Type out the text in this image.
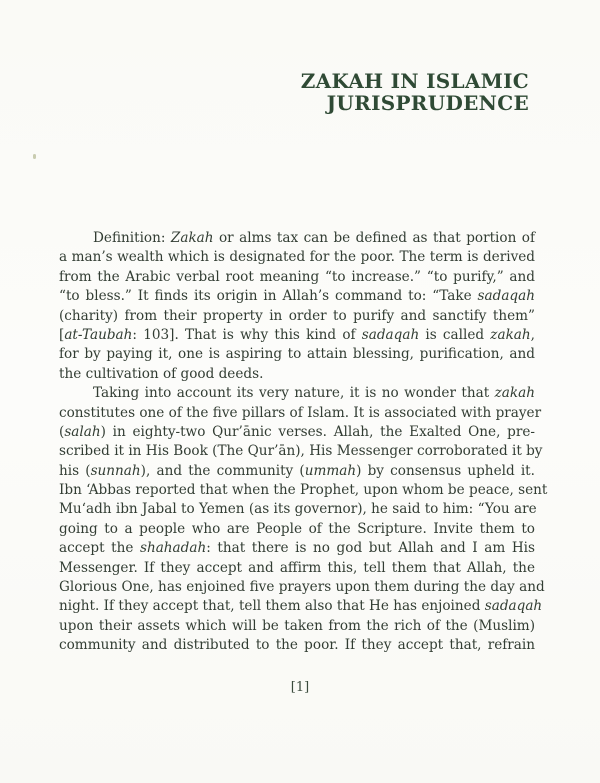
ZAKAH IN ISLAMIC
JURISPRUDENCE
Definition: Zakah or alms tax can be defined as that portion of
a man’s wealth which is designated for the poor. The term is derived
from the Arabic verbal root meaning “to increase.” “to purify,” and
“to bless.” It finds its origin in Allah’s command to: “Take sadaqah
(charity) from their property in order to purify and sanctify them”
[at-Taubah: 103]. That is why this kind of sadaqah is called zakah,
for by paying it, one is aspiring to attain blessing, purification, and
the cultivation of good deeds.
Taking into account its very nature, it is no wonder that zakah
constitutes one of the five pillars of Islam. It is associated with prayer
(salah) in eighty-two Qur’ānic verses. Allah, the Exalted One, pre-
scribed it in His Book (The Qur’ān), His Messenger corroborated it by
his (sunnah), and the community (ummah) by consensus upheld it.
Ibn ‘Abbas reported that when the Prophet, upon whom be peace, sent
Mu‘adh ibn Jabal to Yemen (as its governor), he said to him: “You are
going to a people who are People of the Scripture. Invite them to
accept the shahadah: that there is no god but Allah and I am His
Messenger. If they accept and affirm this, tell them that Allah, the
Glorious One, has enjoined five prayers upon them during the day and
night. If they accept that, tell them also that He has enjoined sadaqah
upon their assets which will be taken from the rich of the (Muslim)
community and distributed to the poor. If they accept that, refrain
[1]
